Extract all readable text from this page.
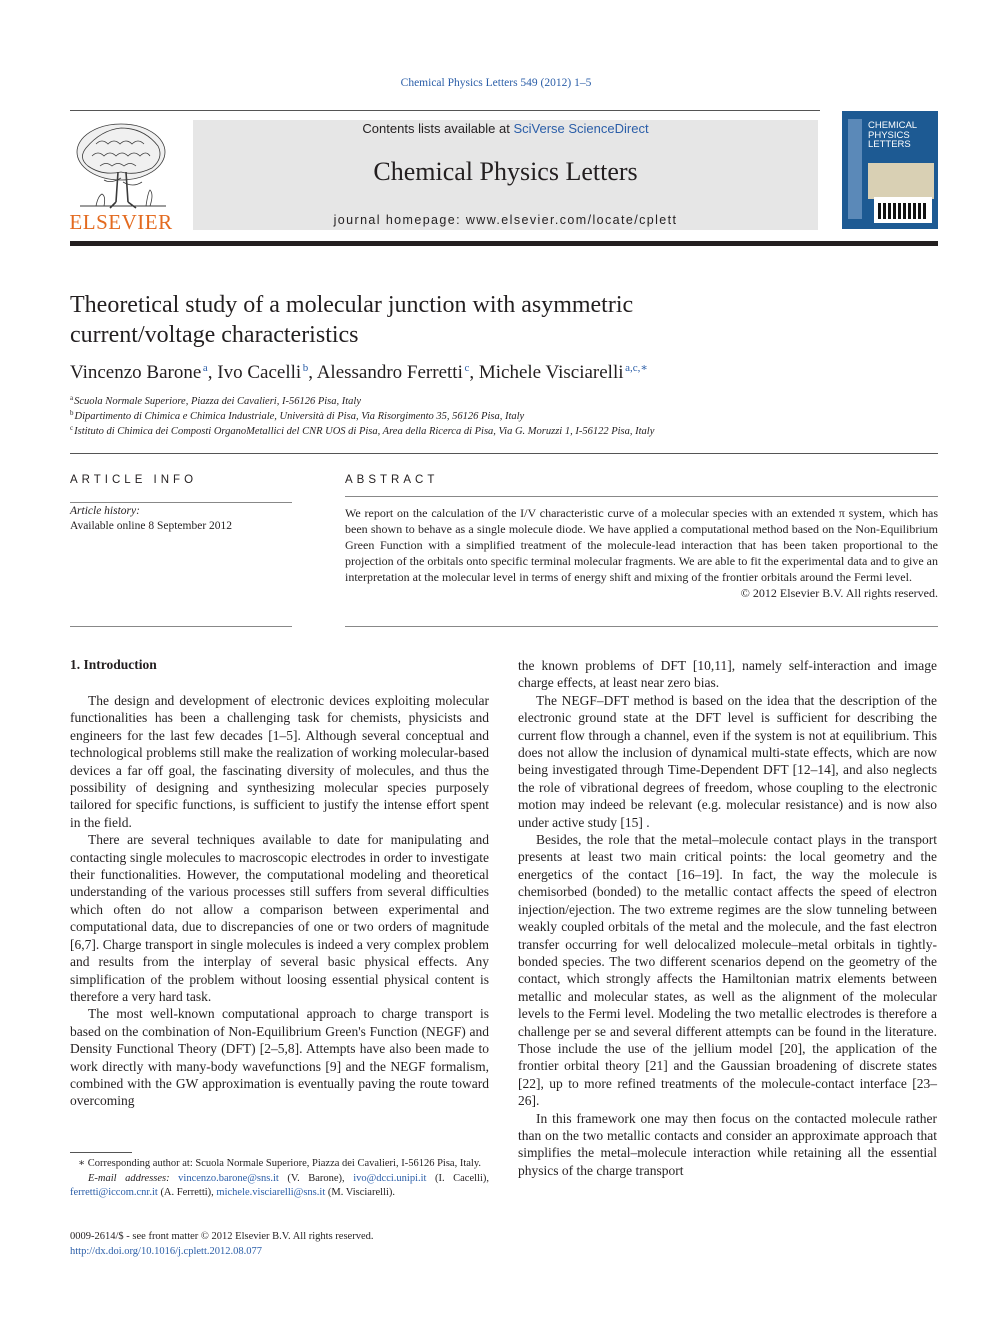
Chemical Physics Letters 549 (2012) 1–5
ELSEVIER
Contents lists available at SciVerse ScienceDirect
Chemical Physics Letters
journal homepage: www.elsevier.com/locate/cplett
CHEMICAL
PHYSICS
LETTERS
Theoretical study of a molecular junction with asymmetric
current/voltage characteristics
Vincenzo Barone  $^a$, Ivo Cacelli  $^b$, Alessandro Ferretti  $^c$, Michele Visciarelli  $^{a,c,∗}$
$^a$Scuola Normale Superiore, Piazza dei Cavalieri, I-56126 Pisa, Italy
$^b$Dipartimento di Chimica e Chimica Industriale, Università di Pisa, Via Risorgimento 35, 56126 Pisa, Italy
$^c$Istituto di Chimica dei Composti OrganoMetallici del CNR UOS di Pisa, Area della Ricerca di Pisa, Via G. Moruzzi 1, I-56122 Pisa, Italy
ARTICLE INFO
Article history:
Available online 8 September 2012
ABSTRACT
We report on the calculation of the I/V characteristic curve of a molecular species with an extended π system, which has been shown to behave as a single molecule diode. We have applied a computational method based on the Non-Equilibrium Green Function with a simplified treatment of the molecule-lead interaction that has been taken proportional to the projection of the orbitals onto specific terminal molecular fragments. We are able to fit the experimental data and to give an interpretation at the molecular level in terms of energy shift and mixing of the frontier orbitals around the Fermi level.
© 2012 Elsevier B.V. All rights reserved.
1. Introduction

The design and development of electronic devices exploiting molecular functionalities has been a challenging task for chemists, physicists and engineers for the last few decades [1–5]. Although several conceptual and technological problems still make the realization of working molecular-based devices a far off goal, the fascinating diversity of molecules, and thus the possibility of designing and synthesizing molecular species purposely tailored for specific functions, is sufficient to justify the intense effort spent in the field.

There are several techniques available to date for manipulating and contacting single molecules to macroscopic electrodes in order to investigate their functionalities. However, the computational modeling and theoretical understanding of the various processes still suffers from several difficulties which often do not allow a comparison between experimental and computational data, due to discrepancies of one or two orders of magnitude [6,7]. Charge transport in single molecules is indeed a very complex problem and results from the interplay of several basic physical effects. Any simplification of the problem without loosing essential physical content is therefore a very hard task.

The most well-known computational approach to charge transport is based on the combination of Non-Equilibrium Green's Function (NEGF) and Density Functional Theory (DFT) [2–5,8]. Attempts have also been made to work directly with many-body wavefunctions [9] and the NEGF formalism, combined with the GW approximation is eventually paving the route toward overcoming

the known problems of DFT [10,11], namely self-interaction and image charge effects, at least near zero bias.

The NEGF–DFT method is based on the idea that the description of the electronic ground state at the DFT level is sufficient for describing the current flow through a channel, even if the system is not at equilibrium. This does not allow the inclusion of dynamical multi-state effects, which are now being investigated through Time-Dependent DFT [12–14], and also neglects the role of vibrational degrees of freedom, whose coupling to the electronic motion may indeed be relevant (e.g. molecular resistance) and is now also under active study [15] .

Besides, the role that the metal–molecule contact plays in the transport presents at least two main critical points: the local geometry and the energetics of the contact [16–19]. In fact, the way the molecule is chemisorbed (bonded) to the metallic contact affects the speed of electron injection/ejection. The two extreme regimes are the slow tunneling between weakly coupled orbitals of the metal and the molecule, and the fast electron transfer occurring for well delocalized molecule–metal orbitals in tightly-bonded species. The two different scenarios depend on the geometry of the contact, which strongly affects the Hamiltonian matrix elements between metallic and molecular states, as well as the alignment of the molecular levels to the Fermi level. Modeling the two metallic electrodes is therefore a challenge per se and several different attempts can be found in the literature. Those include the use of the jellium model [20], the application of the frontier orbital theory [21] and the Gaussian broadening of discrete states [22], up to more refined treatments of the molecule-contact interface [23–26].

In this framework one may then focus on the contacted molecule rather than on the two metallic contacts and consider an approximate approach that simplifies the metal–molecule interaction while retaining all the essential physics of the charge transport

∗ Corresponding author at: Scuola Normale Superiore, Piazza dei Cavalieri, I-56126 Pisa, Italy.
E-mail addresses: vincenzo.barone@sns.it (V. Barone), ivo@dcci.unipi.it (I. Cacelli), ferretti@iccom.cnr.it (A. Ferretti), michele.visciarelli@sns.it (M. Visciarelli).
0009-2614/$ - see front matter © 2012 Elsevier B.V. All rights reserved.
http://dx.doi.org/10.1016/j.cplett.2012.08.077
